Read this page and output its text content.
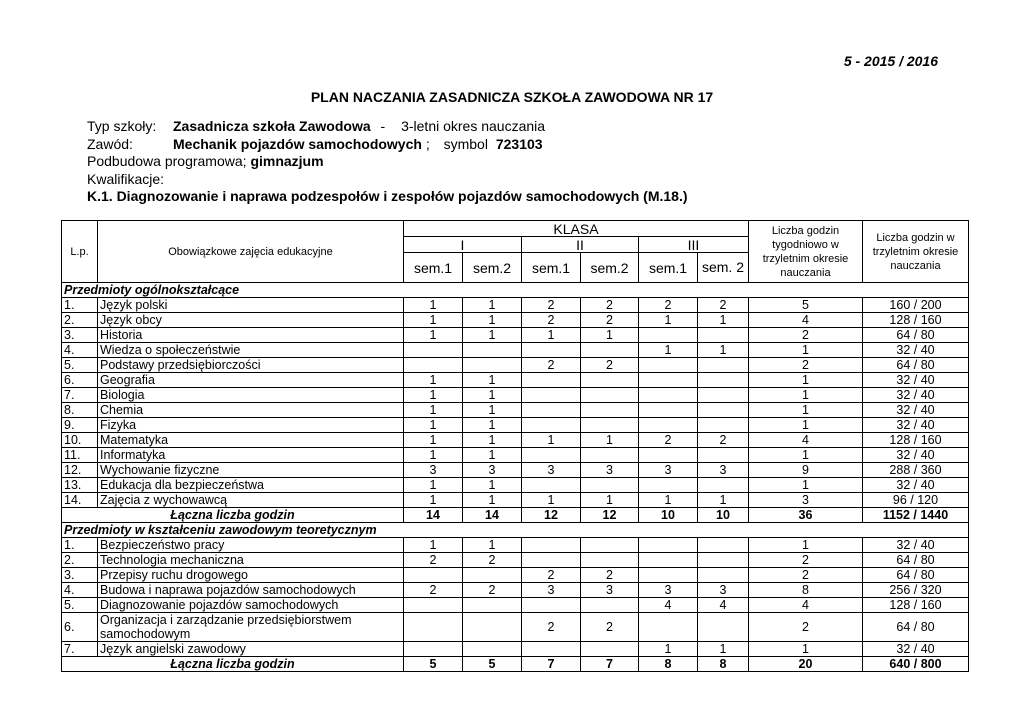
5 - 2015 / 2016
PLAN NACZANIA ZASADNICZA SZKOŁA ZAWODOWA NR 17
Typ szkoły: Zasadnicza szkoła Zawodowa - 3-letni okres nauczania
Zawód:	Mechanik pojazdów samochodowych ; symbol 723103
Podbudowa programowa; gimnazjum
Kwalifikacje:
K.1. Diagnozowanie i naprawa podzespołów i zespołów pojazdów samochodowych (M.18.)
L.p.	Obowiązkowe zajęcia edukacyjne	KLASA						Liczba godzin tygodniowo w trzyletnim okresie nauczania	Liczba godzin w trzyletnim okresie nauczania
		I		II		III			
		sem.1	sem.2	sem.1	sem.2	sem.1	sem. 2		
Przedmioty ogólnokształcące									
1.	Język polski	1	1	2	2	2	2	5	160 / 200
2.	Język obcy	1	1	2	2	1	1	4	128 / 160
3.	Historia	1	1	1	1			2	64 / 80
4.	Wiedza o społeczeństwie					1	1	1	32 / 40
5.	Podstawy przedsiębiorczości			2	2			2	64 / 80
6.	Geografia	1	1					1	32 / 40
7.	Biologia	1	1					1	32 / 40
8.	Chemia	1	1					1	32 / 40
9.	Fizyka	1	1					1	32 / 40
10.	Matematyka	1	1	1	1	2	2	4	128 / 160
11.	Informatyka	1	1					1	32 / 40
12.	Wychowanie fizyczne	3	3	3	3	3	3	9	288 / 360
13.	Edukacja dla bezpieczeństwa	1	1					1	32 / 40
14.	Zajęcia z wychowawcą	1	1	1	1	1	1	3	96 / 120
Łączna liczba godzin		14	14	12	12	10	10	36	1152 / 1440
Przedmioty w kształceniu zawodowym teoretycznym									
1.	Bezpieczeństwo pracy	1	1					1	32 / 40
2.	Technologia mechaniczna	2	2					2	64 / 80
3.	Przepisy ruchu drogowego			2	2			2	64 / 80
4.	Budowa i naprawa pojazdów samochodowych	2	2	3	3	3	3	8	256 / 320
5.	Diagnozowanie pojazdów samochodowych					4	4	4	128 / 160
6.	Organizacja i zarządzanie przedsiębiorstwem samochodowym			2	2			2	64 / 80
7.	Język angielski zawodowy					1	1	1	32 / 40
Łączna liczba godzin		5	5	7	7	8	8	20	640 / 800
